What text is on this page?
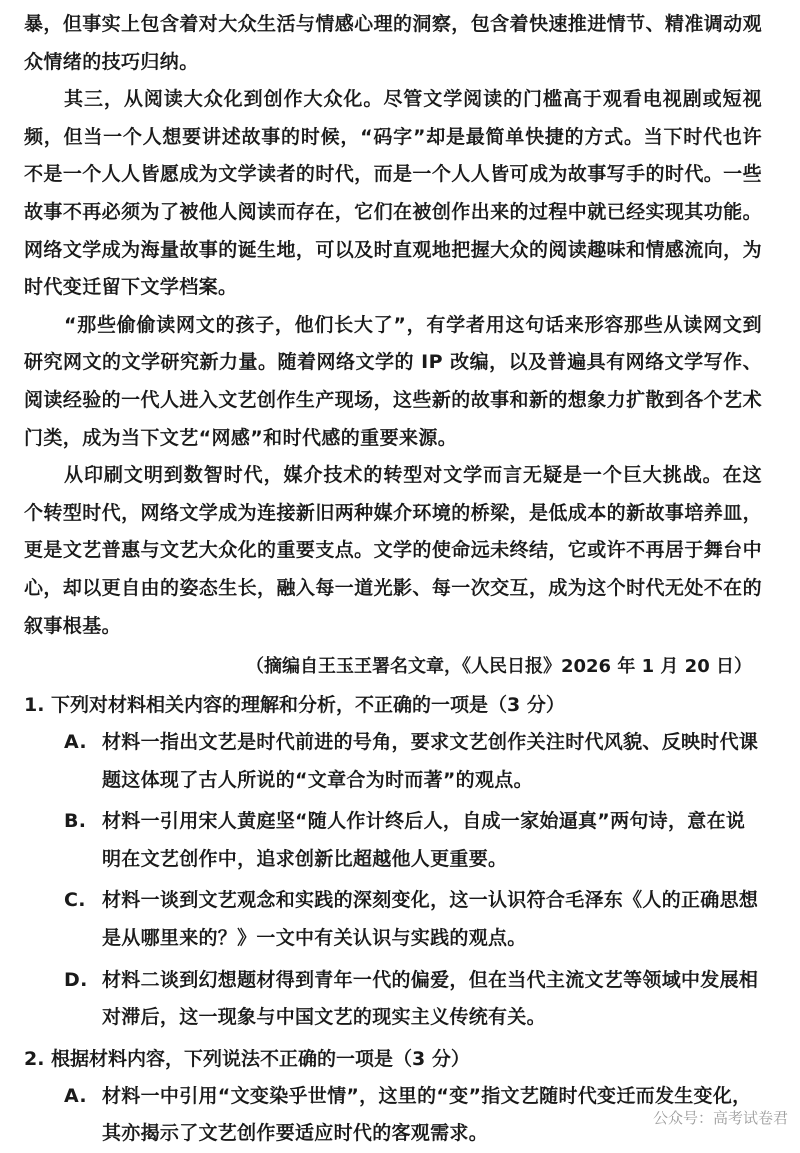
暴，但事实上包含着对大众生活与情感心理的洞察，包含着快速推进情节、精准调动观众情绪的技巧归纳。

其三，从阅读大众化到创作大众化。尽管文学阅读的门槛高于观看电视剧或短视频，但当一个人想要讲述故事的时候，“码字”却是最简单快捷的方式。当下时代也许不是一个人人皆愿成为文学读者的时代，而是一个人人皆可成为故事写手的时代。一些故事不再必须为了被他人阅读而存在，它们在被创作出来的过程中就已经实现其功能。网络文学成为海量故事的诞生地，可以及时直观地把握大众的阅读趣味和情感流向，为时代变迁留下文学档案。

“那些偷偷读网文的孩子，他们长大了”，有学者用这句话来形容那些从读网文到研究网文的文学研究新力量。随着网络文学的 IP 改编，以及普遍具有网络文学写作、阅读经验的一代人进入文艺创作生产现场，这些新的故事和新的想象力扩散到各个艺术门类，成为当下文艺“网感”和时代感的重要来源。

从印刷文明到数智时代，媒介技术的转型对文学而言无疑是一个巨大挑战。在这个转型时代，网络文学成为连接新旧两种媒介环境的桥梁，是低成本的新故事培养皿，更是文艺普惠与文艺大众化的重要支点。文学的使命远未终结，它或许不再居于舞台中心，却以更自由的姿态生长，融入每一道光影、每一次交互，成为这个时代无处不在的叙事根基。

（摘编自王玉玊署名文章，《人民日报》2026 年 1 月 20 日）

1. 下列对材料相关内容的理解和分析，不正确的一项是（3 分）

A. 材料一指出文艺是时代前进的号角，要求文艺创作关注时代风貌、反映时代课题这体现了古人所说的“文章合为时而著”的观点。

B. 材料一引用宋人黄庭坚“随人作计终后人，自成一家始逼真”两句诗，意在说明在文艺创作中，追求创新比超越他人更重要。

C. 材料一谈到文艺观念和实践的深刻变化，这一认识符合毛泽东《人的正确思想是从哪里来的？》一文中有关认识与实践的观点。

D. 材料二谈到幻想题材得到青年一代的偏爱，但在当代主流文艺等领域中发展相对滞后，这一现象与中国文艺的现实主义传统有关。

2. 根据材料内容，下列说法不正确的一项是（3 分）

A. 材料一中引用“文变染乎世情”，这里的“变”指文艺随时代变迁而发生变化，其亦揭示了文艺创作要适应时代的客观需求。

公众号：高考试卷君
